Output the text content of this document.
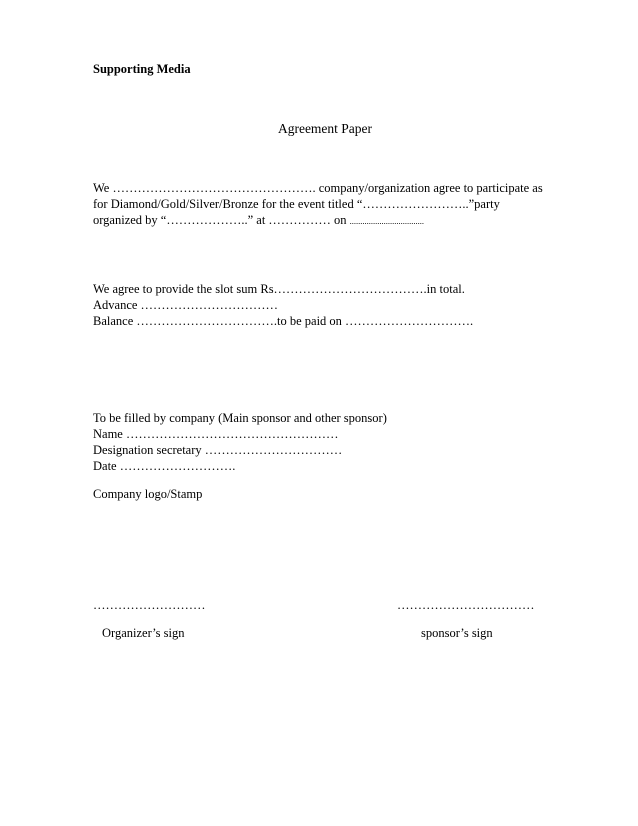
Supporting Media
Agreement Paper
We …………………………………………. company/organization agree to participate as
for Diamond/Gold/Silver/Bronze for the event titled “……………………..”party
organized by “………………..” at …………… on ...................................
We agree to provide the slot sum Rs……………………………….in total.
Advance ……………………………
Balance …………………………….to be paid on ………………………….
To be filled by company (Main sponsor and other sponsor)
Name ……………………………………………
Designation secretary ……………………………
Date ……………………….
Company logo/Stamp
………………………	……………………………
Organizer’s sign	sponsor’s sign
